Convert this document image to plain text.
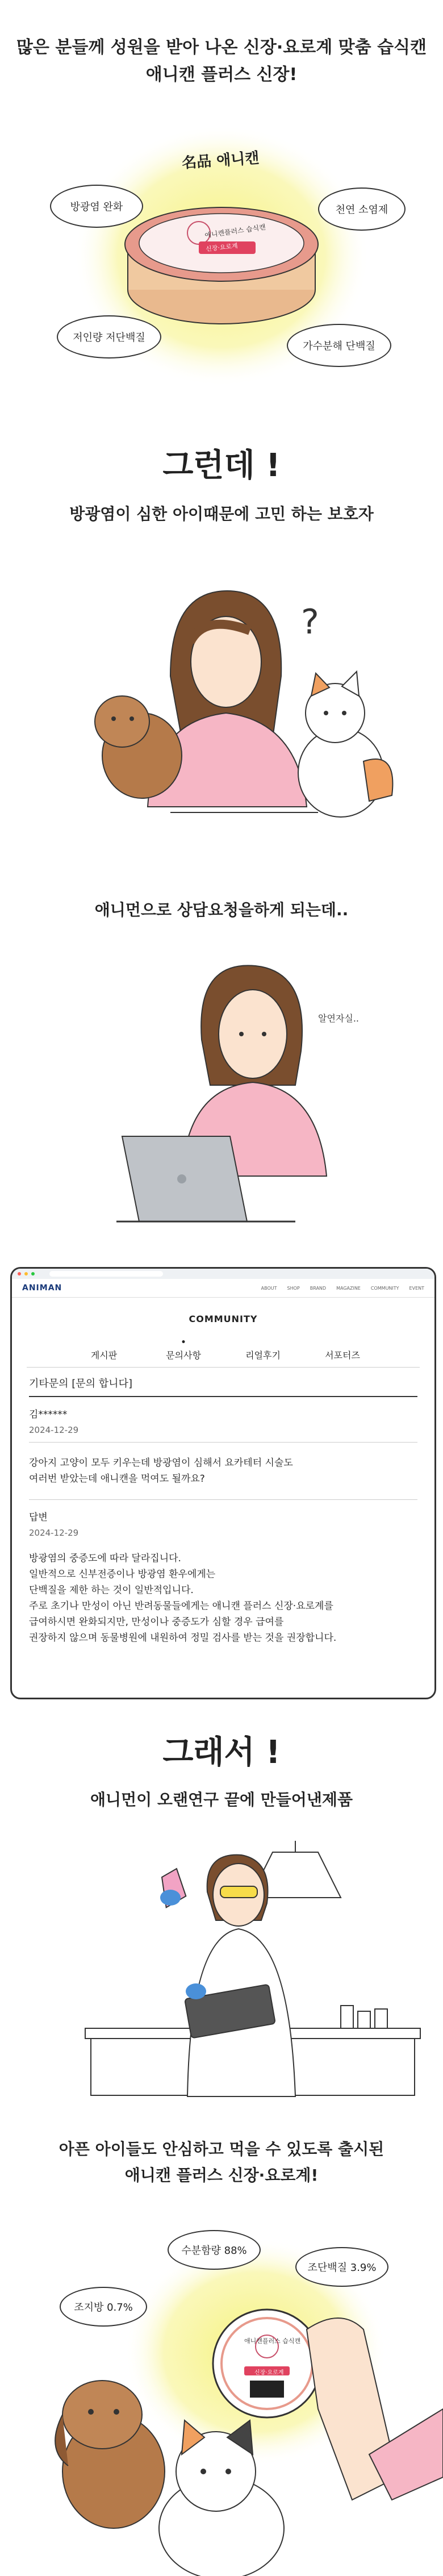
많은 분들께 성원을 받아 나온 신장·요로계 맞춤 습식캔
애니캔 플러스 신장!
名品 애니캔
애니캔플러스 습식캔
신장·요로계
방광염 완화	천연 소염제
저인량 저단백질
가수분해 단백질
그런데 !
방광염이 심한 아이때문에 고민 하는 보호자
?
애니먼으로 상담요청을하게 되는데..
알연자실..
ANIMAN	ABOUT SHOP BRAND MAGAZINE COMMUNITY EVENT
COMMUNITY
게시판	문의사항	리얼후기	서포터즈
기타문의 [문의 합니다]
김******
2024-12-29
강아지 고양이 모두 키우는데 방광염이 심해서 요카테터 시술도
여러번 받았는데 애니캔을 먹여도 될까요?
답변
2024-12-29
방광염의 중증도에 따라 달라집니다.
일반적으로 신부전증이나 방광염 환우에게는
단백질을 제한 하는 것이 일반적입니다.
주로 초기나 만성이 아닌 반려동물들에게는 애니캔 플러스 신장·요로계를
급여하시면 완화되지만, 만성이나 중증도가 심할 경우 급여를
권장하지 않으며 동물병원에 내원하여 정밀 검사를 받는 것을 권장합니다.
그래서 !
애니먼이 오랜연구 끝에 만들어낸제품
아픈 아이들도 안심하고 먹을 수 있도록 출시된
애니캔 플러스 신장·요로계!
애니캔플러스 습식캔
신장·요로계
수분함량 88%
조단백질 3.9%
조지방 0.7%
